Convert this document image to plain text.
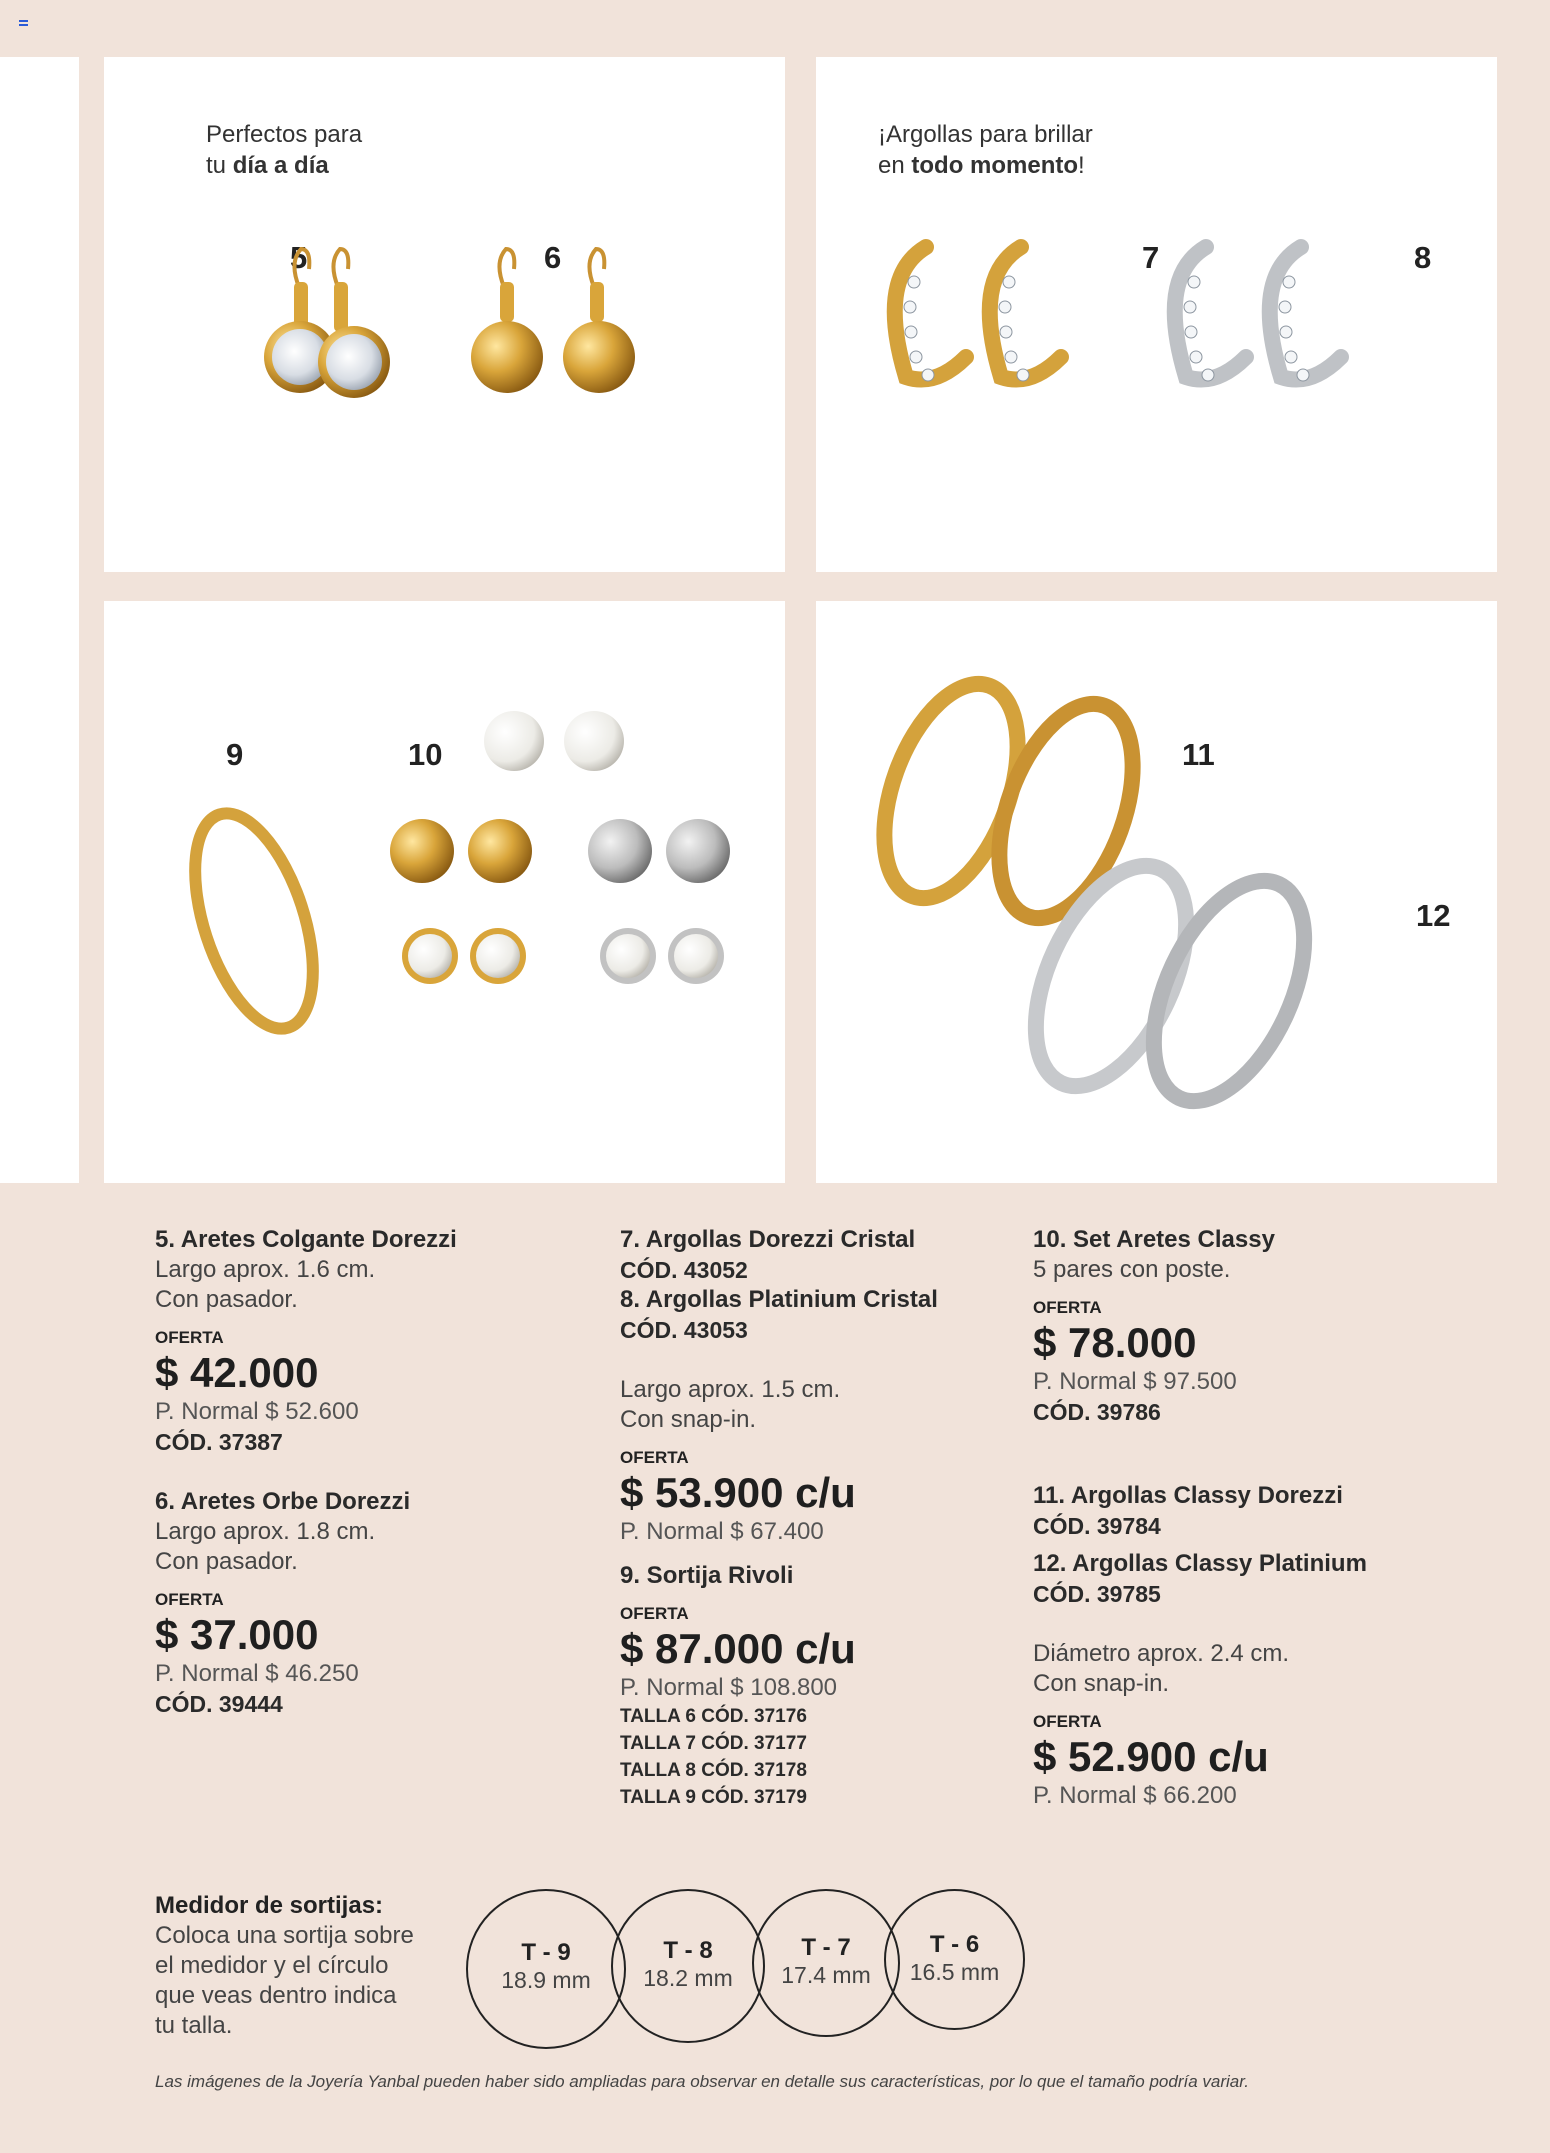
Perfectos para
tu día a día
5	6
¡Argollas para brillar
en todo momento!
7	8
9	10	11
12
5. Aretes Colgante Dorezzi
Largo aprox. 1.6 cm.
Con pasador.
OFERTA
$ 42.000
P. Normal $ 52.600
CÓD. 37387
6. Aretes Orbe Dorezzi
Largo aprox. 1.8 cm.
Con pasador.
OFERTA
$ 37.000
P. Normal $ 46.250
CÓD. 39444
7. Argollas Dorezzi Cristal
CÓD. 43052
8. Argollas Platinium Cristal
CÓD. 43053
Largo aprox. 1.5 cm.
Con snap-in.
OFERTA
$ 53.900 c/u
P. Normal $ 67.400
9. Sortija Rivoli
OFERTA
$ 87.000 c/u
P. Normal $ 108.800
TALLA 6 CÓD. 37176
TALLA 7 CÓD. 37177
TALLA 8 CÓD. 37178
TALLA 9 CÓD. 37179
10. Set Aretes Classy
5 pares con poste.
OFERTA
$ 78.000
P. Normal $ 97.500
CÓD. 39786
11. Argollas Classy Dorezzi
CÓD. 39784
12. Argollas Classy Platinium
CÓD. 39785
Diámetro aprox. 2.4 cm.
Con snap-in.
OFERTA
$ 52.900 c/u
P. Normal $ 66.200
Medidor de sortijas:
Coloca una sortija sobre el medidor y el círculo que veas dentro indica tu talla.
T - 9
18.9 mm
T - 8
18.2 mm
T - 7
17.4 mm
T - 6
16.5 mm
Las imágenes de la Joyería Yanbal pueden haber sido ampliadas para observar en detalle sus características, por lo que el tamaño podría variar.
